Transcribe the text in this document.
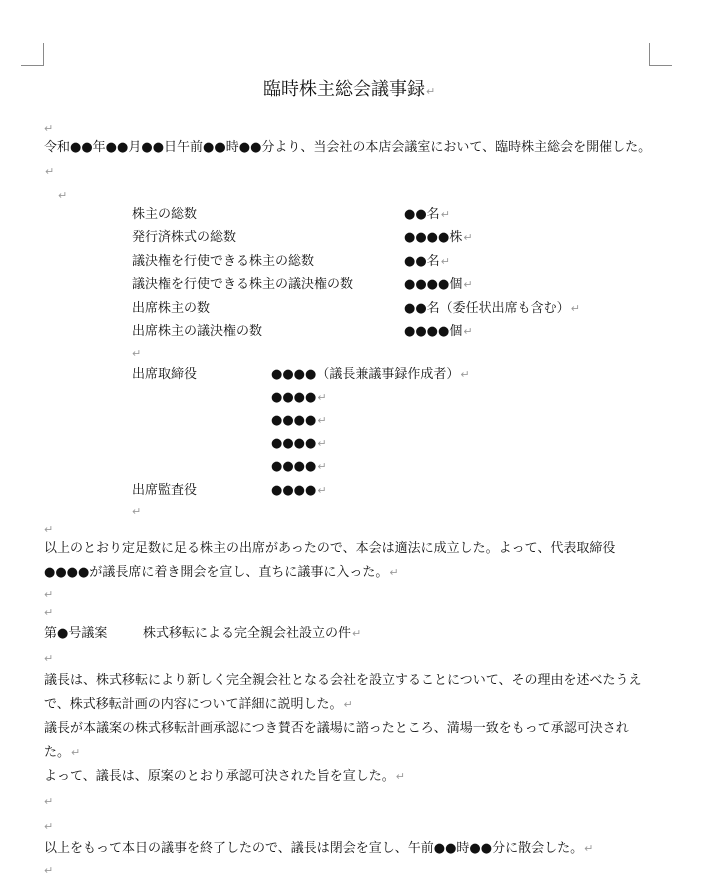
臨時株主総会議事録↵
↵
令和●●年●●月●●日午前●●時●●分より、当会社の本店会議室において、臨時株主総会を開催した。↵
↵
株主の総数	●●名↵
発行済株式の総数	●●●●株↵
議決権を行使できる株主の総数	●●名↵
議決権を行使できる株主の議決権の数	●●●●個↵
出席株主の数	●●名（委任状出席も含む）↵
出席株主の議決権の数	●●●●個↵
↵
出席取締役	●●●●（議長兼議事録作成者）↵
●●●●↵
●●●●↵
●●●●↵
●●●●↵
出席監査役	●●●●↵
↵
↵
以上のとおり定足数に足る株主の出席があったので、本会は適法に成立した。よって、代表取締役●●●●が議長席に着き開会を宣し、直ちに議事に入った。↵
↵
↵
第●号議案	株式移転による完全親会社設立の件↵
↵
議長は、株式移転により新しく完全親会社となる会社を設立することについて、その理由を述べたうえで、株式移転計画の内容について詳細に説明した。↵
議長が本議案の株式移転計画承認につき賛否を議場に諮ったところ、満場一致をもって承認可決された。↵
よって、議長は、原案のとおり承認可決された旨を宣した。↵
↵
↵
以上をもって本日の議事を終了したので、議長は閉会を宣し、午前●●時●●分に散会した。↵
↵
